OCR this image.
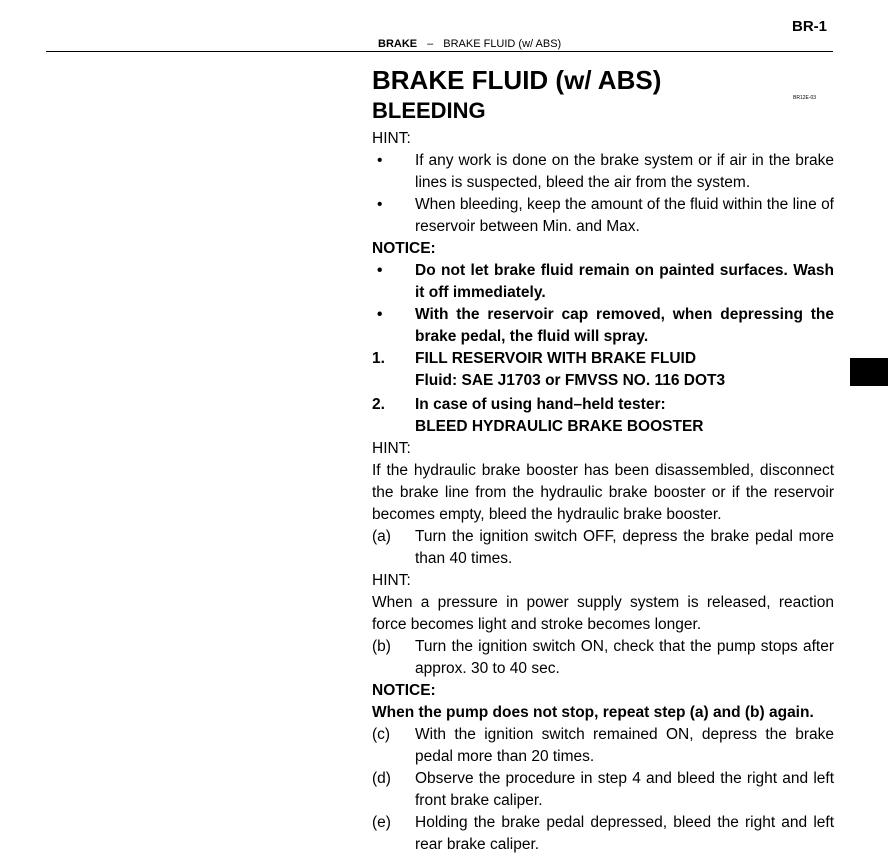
BR-1
BRAKE – BRAKE FLUID (w/ ABS)
BR12E-03
BRAKE FLUID (w/ ABS)
BLEEDING
HINT:
•	If any work is done on the brake system or if air in the brake lines is suspected, bleed the air from the system.
•	When bleeding, keep the amount of the fluid within the line of reservoir between Min. and Max.
NOTICE:
•	Do not let brake fluid remain on painted surfaces. Wash it off immediately.
•	With the reservoir cap removed, when depressing the brake pedal, the fluid will spray.
1.	FILL RESERVOIR WITH BRAKE FLUID
Fluid: SAE J1703 or FMVSS NO. 116 DOT3
2.	In case of using hand–held tester:
BLEED HYDRAULIC BRAKE BOOSTER
HINT:
If the hydraulic brake booster has been disassembled, disconnect the brake line from the hydraulic brake booster or if the reservoir becomes empty, bleed the hydraulic brake booster.
(a)	Turn the ignition switch OFF, depress the brake pedal more than 40 times.
HINT:
When a pressure in power supply system is released, reaction force becomes light and stroke becomes longer.
(b)	Turn the ignition switch ON, check that the pump stops after approx. 30 to 40 sec.
NOTICE:
When the pump does not stop, repeat step (a) and (b) again.
(c)	With the ignition switch remained ON, depress the brake pedal more than 20 times.
(d)	Observe the procedure in step 4 and bleed the right and left front brake caliper.
(e)	Holding the brake pedal depressed, bleed the right and left rear brake caliper.
